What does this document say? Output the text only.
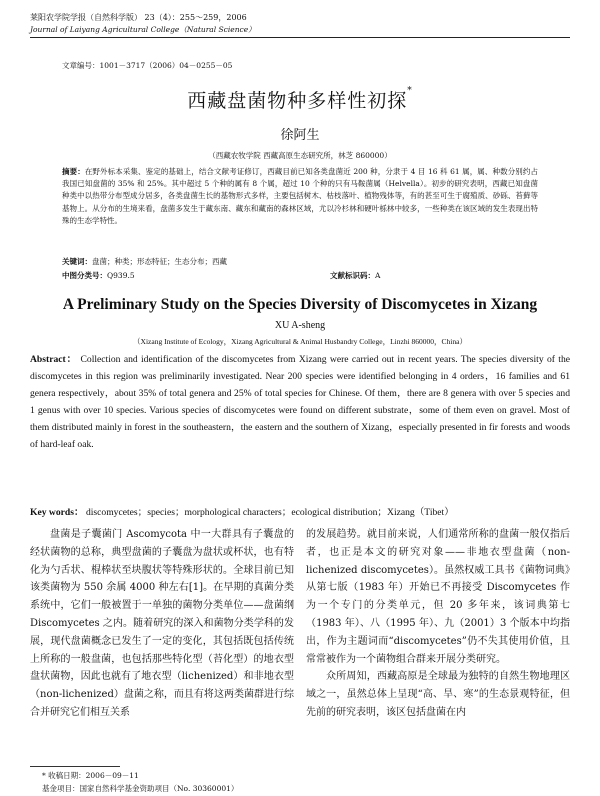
莱阳农学院学报（自然科学版） 23（4）：255～259，2006
Journal of Laiyang Agricultural College（Natural Science）
文章编号：1001－3717（2006）04－0255－05
西藏盘菌物种多样性初探*
徐阿生
（西藏农牧学院 西藏高原生态研究所，林芝 860000）
摘要：在野外标本采集、鉴定的基础上，结合文献考证修订，西藏目前已知各类盘菌近 200 种，分隶于 4 目 16 科 61 属，属、种数分别约占我国已知盘菌的 35% 和 25%。其中超过 5 个种的属有 8 个属，超过 10 个种的只有马鞍菌属（Helvella）。初步的研究表明，西藏已知盘菌种类中以热带分布型成分居多，各类盘菌生长的基物形式多样，主要包括树木、枯枝落叶、植物残体等，有的甚至可生于腐殖质、砂砾、苔藓等基物上。从分布的生境来看，盘菌多发生于藏东南、藏东和藏南的森林区域，尤以冷杉林和硬叶栎林中较多，一些种类在该区域的发生表现出特殊的生态学特性。
关键词：盘菌；种类；形态特征；生态分布；西藏
中图分类号：Q939.5	文献标识码：A
A Preliminary Study on the Species Diversity of Discomycetes in Xizang
XU A-sheng
（Xizang Institute of Ecology，Xizang Agricultural & Animal Husbandry College，Linzhi 860000，China）
Abstract： Collection and identification of the discomycetes from Xizang were carried out in recent years. The species diversity of the discomycetes in this region was preliminarily investigated. Near 200 species were identified belonging in 4 orders，16 families and 61 genera respectively，about 35% of total genera and 25% of total species for Chinese. Of them，there are 8 genera with over 5 species and 1 genus with over 10 species. Various species of discomycetes were found on different substrate，some of them even on gravel. Most of them distributed mainly in forest in the southeastern，the eastern and the southern of Xizang，especially presented in fir forests and woods of hard-leaf oak.
Key words： discomycetes；species；morphological characters；ecological distribution；Xizang（Tibet）

盘菌是子囊菌门 Ascomycota 中一大群具有子囊盘的经状菌物的总称，典型盘菌的子囊盘为盘状或杯状，也有特化为勺舌状、棍棒状至块腹状等特殊形状的。全球目前已知该类菌物为 550 余属 4000 种左右[1]。在早期的真菌分类系统中，它们一般被置于一单独的菌物分类单位——盘菌纲 Discomycetes 之内。随着研究的深入和菌物分类学科的发展，现代盘菌概念已发生了一定的变化，其包括既包括传统上所称的一般盘菌，也包括那些特化型（苔化型）的地衣型盘状菌物，因此也就有了地衣型（lichenized）和非地衣型（non-lichenized）盘菌之称，而且有将这两类菌群进行综合并研究它们相互关系

的发展趋势。就目前来说，人们通常所称的盘菌一般仅指后者，也正是本文的研究对象——非地衣型盘菌（non-lichenized discomycetes）。虽然权威工具书《菌物词典》从第七版（1983 年）开始已不再接受 Discomycetes 作为一个专门的分类单元，但 20 多年来，该词典第七（1983 年）、八（1995 年）、九（2001）3 个版本中均指出，作为主题词而“discomycetes”仍不失其使用价值，且常常被作为一个菌物组合群来开展分类研究。

众所周知，西藏高原是全球最为独特的自然生物地理区域之一，虽然总体上呈现“高、旱、寒”的生态景观特征，但先前的研究表明，该区包括盘菌在内

* 收稿日期：2006－09－11
基金项目：国家自然科学基金资助项目（No. 30360001）
